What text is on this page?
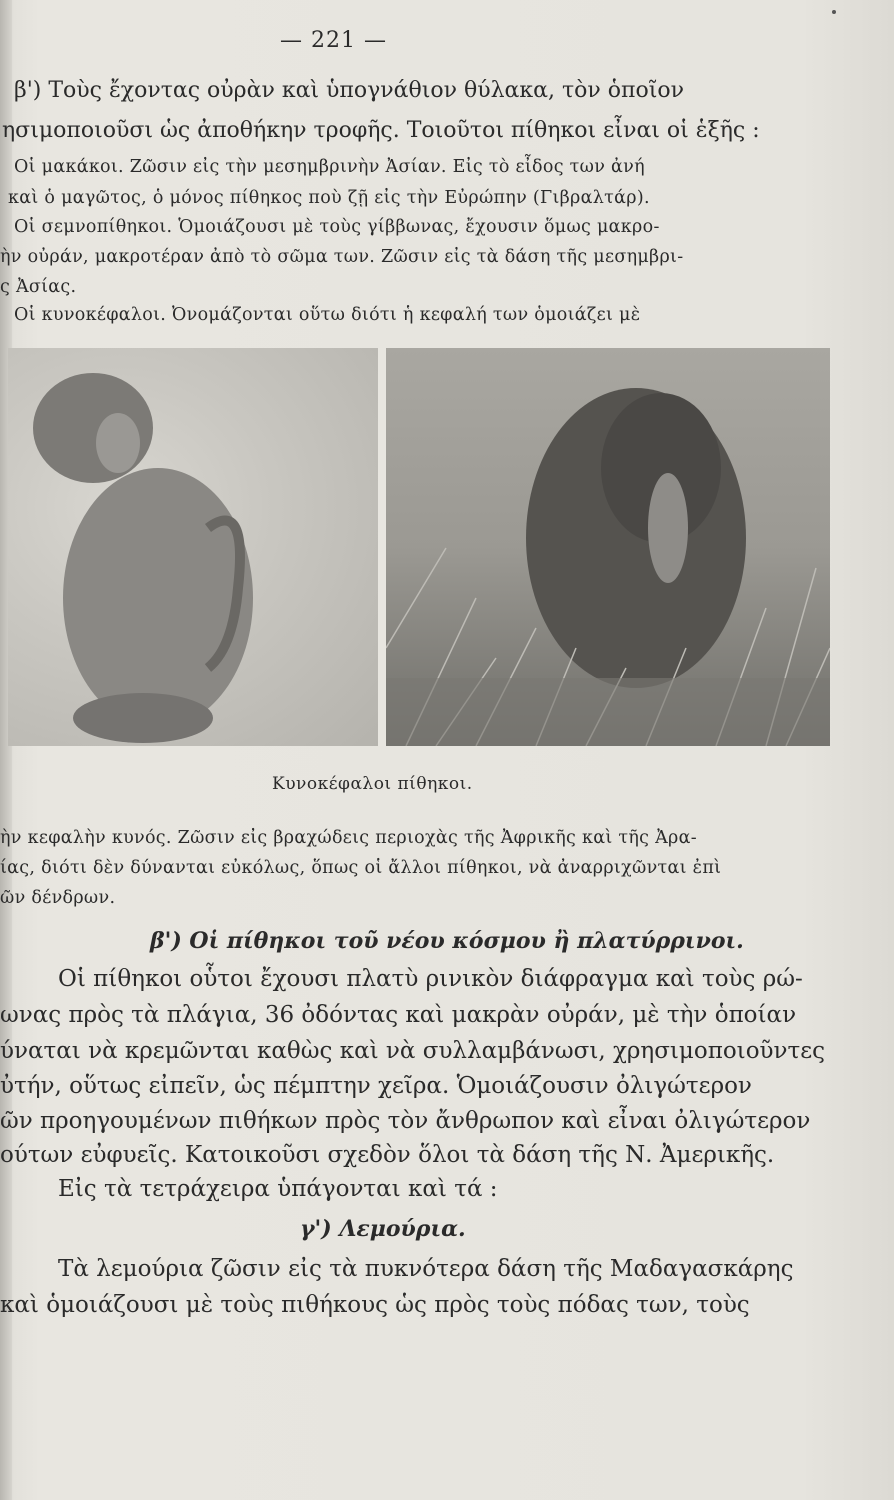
— 221 —
β') Τοὺς ἔχοντας οὐρὰν καὶ ὑπογνάθιον θύλακα, τὸν ὁποῖον
ησιμοποιοῦσι ὡς ἀποθήκην τροφῆς. Τοιοῦτοι πίθηκοι εἶναι οἱ ἑξῆς :
Οἱ μακάκοι. Ζῶσιν εἰς τὴν μεσημβρινὴν Ἀσίαν. Εἰς τὸ εἶδος των ἀνή
καὶ ὁ μαγῶτος, ὁ μόνος πίθηκος ποὺ ζῇ εἰς τὴν Εὐρώπην (Γιβραλτάρ).
Οἱ σεμνοπίθηκοι. Ὁμοιάζουσι μὲ τοὺς γίββωνας, ἔχουσιν ὅμως μακρο-
ὴν οὐράν, μακροτέραν ἀπὸ τὸ σῶμα των. Ζῶσιν εἰς τὰ δάση τῆς μεσημβρι-
ς Ἀσίας.
Οἱ κυνοκέφαλοι. Ὀνομάζονται οὕτω διότι ἡ κεφαλή των ὁμοιάζει μὲ
Κυνοκέφαλοι πίθηκοι.
ὴν κεφαλὴν κυνός. Ζῶσιν εἰς βραχώδεις περιοχὰς τῆς Ἀφρικῆς καὶ τῆς Ἀρα-
ίας, διότι δὲν δύνανται εὐκόλως, ὅπως οἱ ἄλλοι πίθηκοι, νὰ ἀναρριχῶνται ἐπὶ
ῶν δένδρων.
β') Οἱ πίθηκοι τοῦ νέου κόσμου ἢ πλατύρρινοι.
Οἱ πίθηκοι οὗτοι ἔχουσι πλατὺ ρινικὸν διάφραγμα καὶ τοὺς ρώ-
ωνας πρὸς τὰ πλάγια, 36 ὀδόντας καὶ μακρὰν οὐράν, μὲ τὴν ὁποίαν
ύναται νὰ κρεμῶνται καθὼς καὶ νὰ συλλαμβάνωσι, χρησιμοποιοῦντες
ὐτήν, οὕτως εἰπεῖν, ὡς πέμπτην χεῖρα. Ὁμοιάζουσιν ὀλιγώτερον
ῶν προηγουμένων πιθήκων πρὸς τὸν ἄνθρωπον καὶ εἶναι ὀλιγώτερον
ούτων εὐφυεῖς. Κατοικοῦσι σχεδὸν ὅλοι τὰ δάση τῆς Ν. Ἀμερικῆς.
Εἰς τὰ τετράχειρα ὑπάγονται καὶ τά :
γ') Λεμούρια.
Τὰ λεμούρια ζῶσιν εἰς τὰ πυκνότερα δάση τῆς Μαδαγασκάρης
καὶ ὁμοιάζουσι μὲ τοὺς πιθήκους ὡς πρὸς τοὺς πόδας των, τοὺς
